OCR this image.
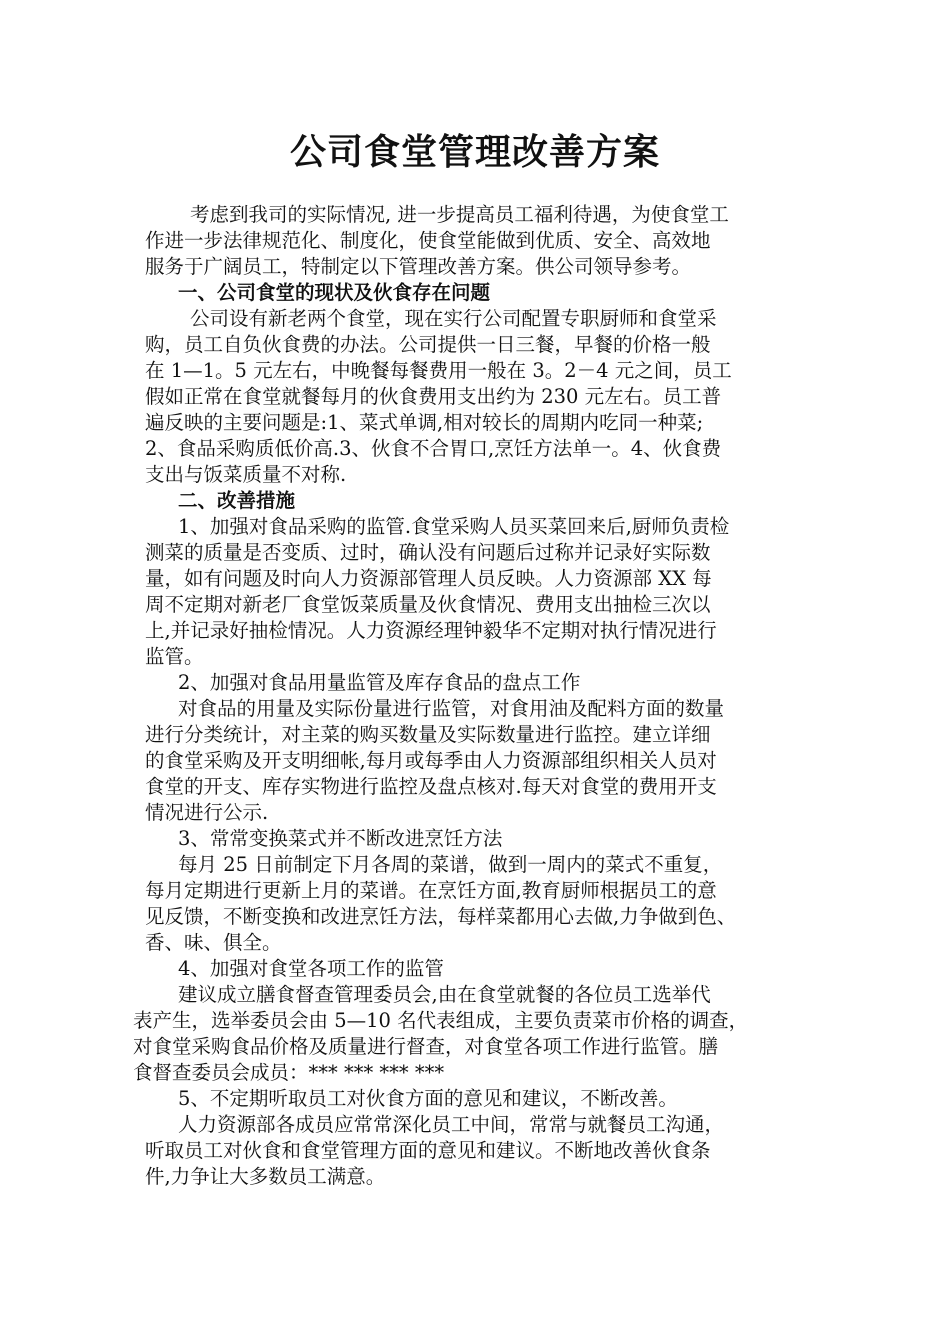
公司食堂管理改善方案
考虑到我司的实际情况, 进一步提高员工福利待遇，为使食堂工
作进一步法律规范化、制度化，使食堂能做到优质、安全、高效地
服务于广阔员工，特制定以下管理改善方案。供公司领导参考。
一、公司食堂的现状及伙食存在问题
公司设有新老两个食堂，现在实行公司配置专职厨师和食堂采
购，员工自负伙食费的办法。公司提供一日三餐，早餐的价格一般
在 1—1。5 元左右，中晚餐每餐费用一般在 3。2－4 元之间，员工
假如正常在食堂就餐每月的伙食费用支出约为 230 元左右。员工普
遍反映的主要问题是:1、菜式单调,相对较长的周期内吃同一种菜;
2、食品采购质低价高.3、伙食不合胃口,烹饪方法单一。4、伙食费
支出与饭菜质量不对称.
二、改善措施
1、加强对食品采购的监管.食堂采购人员买菜回来后,厨师负责检
测菜的质量是否变质、过时，确认没有问题后过称并记录好实际数
量，如有问题及时向人力资源部管理人员反映。人力资源部 XX 每
周不定期对新老厂食堂饭菜质量及伙食情况、费用支出抽检三次以
上,并记录好抽检情况。人力资源经理钟毅华不定期对执行情况进行
监管。
2、加强对食品用量监管及库存食品的盘点工作
对食品的用量及实际份量进行监管，对食用油及配料方面的数量
进行分类统计，对主菜的购买数量及实际数量进行监控。建立详细
的食堂采购及开支明细帐,每月或每季由人力资源部组织相关人员对
食堂的开支、库存实物进行监控及盘点核对.每天对食堂的费用开支
情况进行公示.
3、常常变换菜式并不断改进烹饪方法
每月 25 日前制定下月各周的菜谱，做到一周内的菜式不重复，
每月定期进行更新上月的菜谱。在烹饪方面,教育厨师根据员工的意
见反馈，不断变换和改进烹饪方法，每样菜都用心去做,力争做到色、
香、味、俱全。
4、加强对食堂各项工作的监管
建议成立膳食督查管理委员会,由在食堂就餐的各位员工选举代
表产生，选举委员会由 5—10 名代表组成，主要负责菜市价格的调查，
对食堂采购食品价格及质量进行督查，对食堂各项工作进行监管。膳
食督查委员会成员：*** *** *** ***
5、不定期听取员工对伙食方面的意见和建议，不断改善。
人力资源部各成员应常常深化员工中间，常常与就餐员工沟通，
听取员工对伙食和食堂管理方面的意见和建议。不断地改善伙食条
件,力争让大多数员工满意。
